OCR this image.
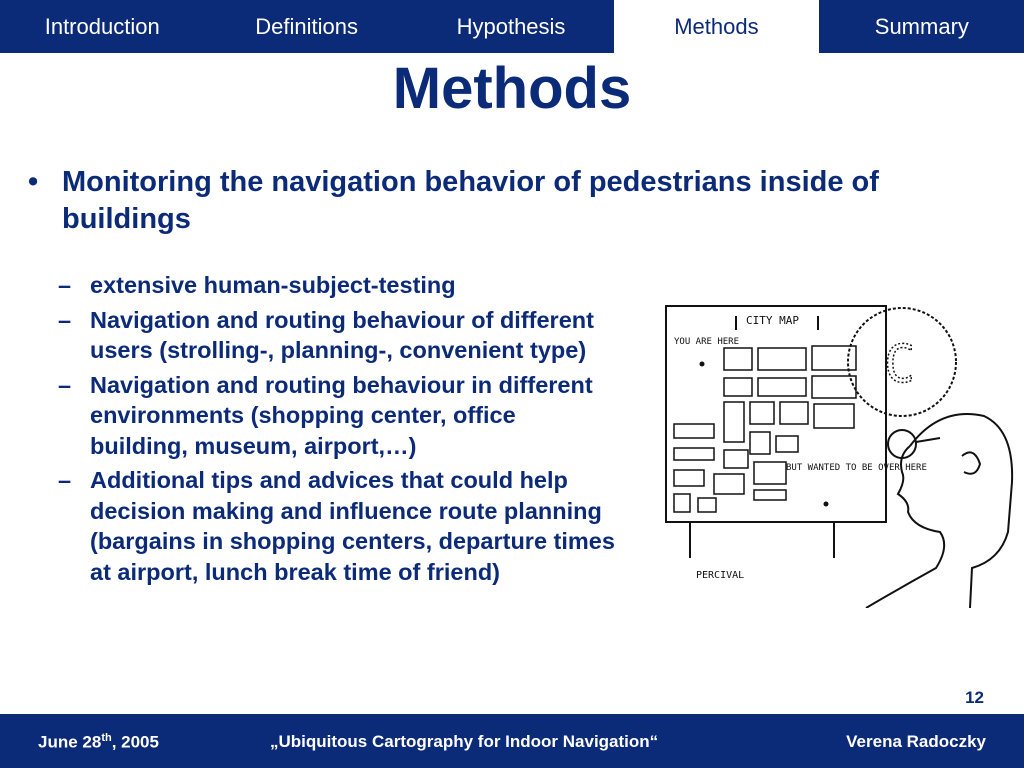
Introduction	Definitions	Hypothesis	Methods	Summary
Methods
• Monitoring the navigation behavior of pedestrians inside of buildings
– extensive human-subject-testing
– Navigation and routing behaviour of different users (strolling-, planning-, convenient type)
– Navigation and routing behaviour in different environments (shopping center, office building, museum, airport,…)
– Additional tips and advices that could help decision making and influence route planning (bargains in shopping centers, departure times at airport, lunch break time of friend)
CITY MAP
YOU ARE HERE
BUT WANTED TO BE OVER HERE
PERCIVAL
C
12
June 28th, 2005	„Ubiquitous Cartography for Indoor Navigation“	Verena Radoczky
